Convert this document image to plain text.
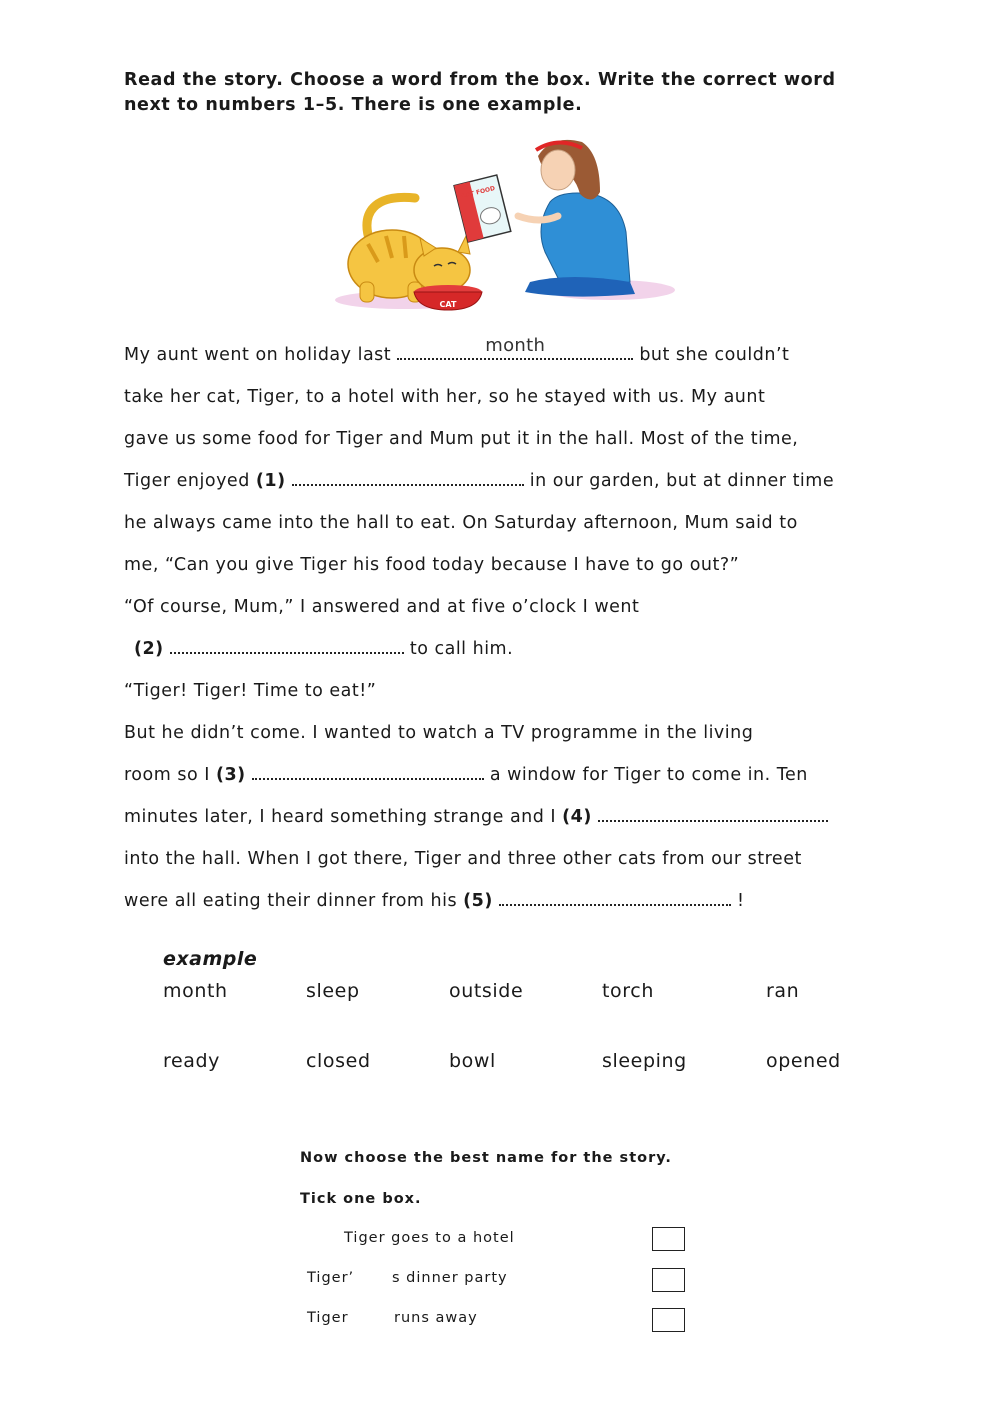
Read the story. Choose a word from the box. Write the correct word next to numbers 1–5. There is one example.
CAT
CAT FOOD
My aunt went on holiday last	month	but she couldn’t
take her cat, Tiger, to a hotel with her, so he stayed with us. My aunt
gave us some food for Tiger and Mum put it in the hall. Most of the time,
Tiger enjoyed (1)	in our garden, but at dinner time
he always came into the hall to eat. On Saturday afternoon, Mum said to
me, “Can you give Tiger his food today because I have to go out?”
“Of course, Mum,” I answered and at five o’clock I went
(2)	to call him.
“Tiger! Tiger! Time to eat!”
But he didn’t come. I wanted to watch a TV programme in the living
room so I (3)	a window for Tiger to come in. Ten
minutes later, I heard something strange and I (4)
into the hall. When I got there, Tiger and three other cats from our street
were all eating their dinner from his (5)	!
example
month	sleep	outside	torch	ran
ready	closed	bowl	sleeping	opened
Now choose the best name for the story.
Tick one box.
Tiger goes to a hotel
Tiger’	s dinner party
Tiger	runs away
